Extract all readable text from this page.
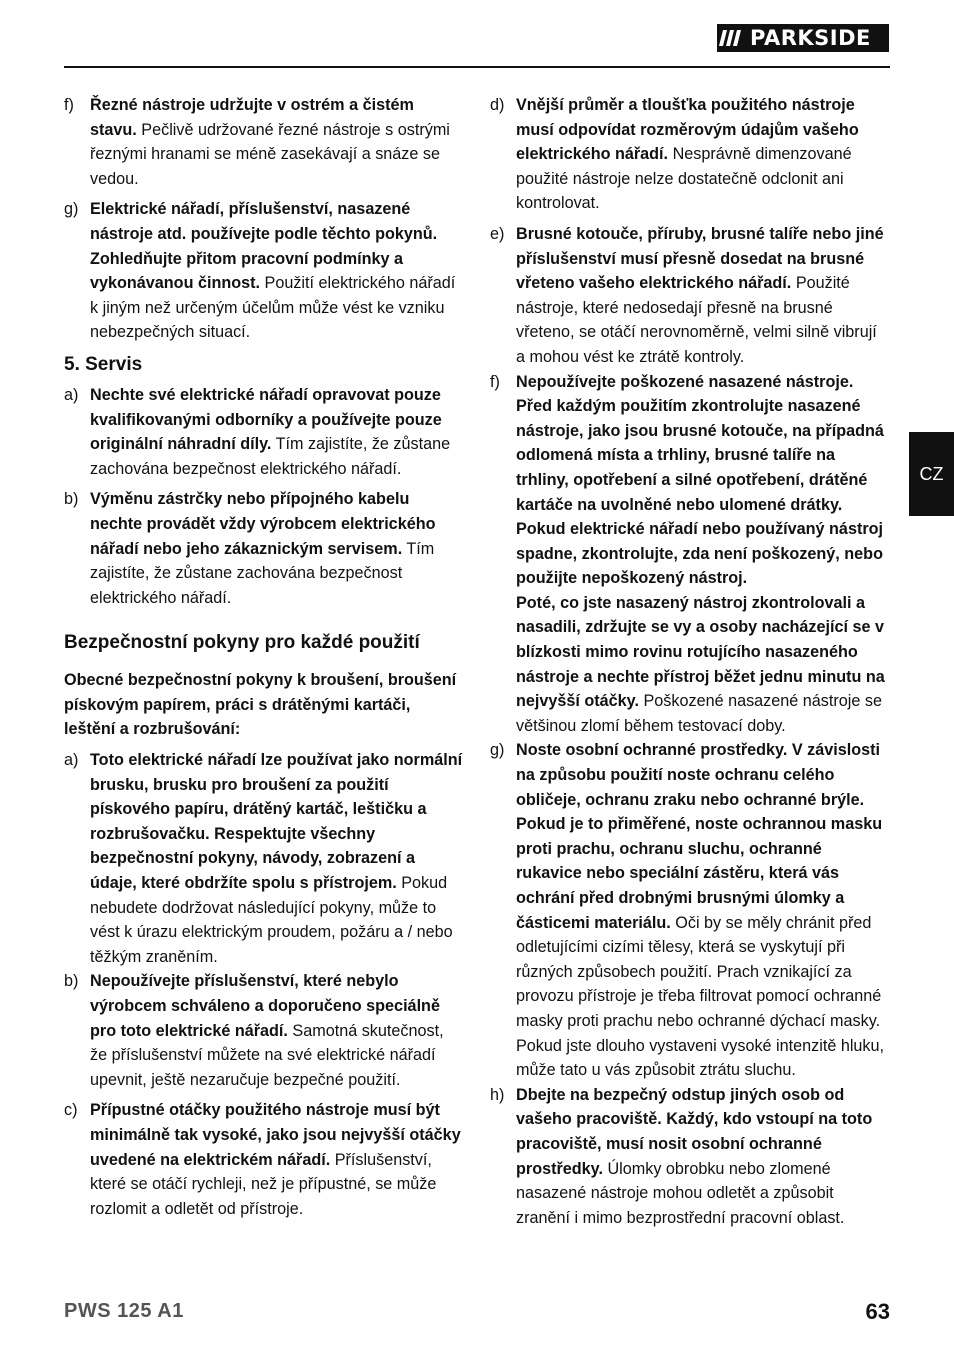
PARKSIDE
CZ
f) Řezné nástroje udržujte v ostrém a čistém stavu. Pečlivě udržované řezné nástroje s ostrými řeznými hranami se méně zasekávají a snáze se vedou.
g) Elektrické nářadí, příslušenství, nasazené nástroje atd. používejte podle těchto pokynů. Zohledňujte přitom pracovní podmínky a vykonávanou činnost. Použití elektrického nářadí k jiným než určeným účelům může vést ke vzniku nebezpečných situací.
5. Servis
a) Nechte své elektrické nářadí opravovat pouze kvalifikovanými odborníky a používejte pouze originální náhradní díly. Tím zajistíte, že zůstane zachována bezpečnost elektrického nářadí.
b) Výměnu zástrčky nebo přípojného kabelu nechte provádět vždy výrobcem elektrického nářadí nebo jeho zákaznickým servisem. Tím zajistíte, že zůstane zachována bezpečnost elektrického nářadí.
Bezpečnostní pokyny pro každé použití
Obecné bezpečnostní pokyny k broušení, broušení pískovým papírem, práci s drátěnými kartáči, leštění a rozbrušování:
a) Toto elektrické nářadí lze používat jako normální brusku, brusku pro broušení za použití pískového papíru, drátěný kartáč, leštičku a rozbrušovačku. Respektujte všechny bezpečnostní pokyny, návody, zobrazení a údaje, které obdržíte spolu s přístrojem. Pokud nebudete dodržovat následující pokyny, může to vést k úrazu elektrickým proudem, požáru a / nebo těžkým zraněním.
b) Nepoužívejte příslušenství, které nebylo výrobcem schváleno a doporučeno speciálně pro toto elektrické nářadí. Samotná skutečnost, že příslušenství můžete na své elektrické nářadí upevnit, ještě nezaručuje bezpečné použití.
c) Přípustné otáčky použitého nástroje musí být minimálně tak vysoké, jako jsou nejvyšší otáčky uvedené na elektrickém nářadí. Příslušenství, které se otáčí rychleji, než je přípustné, se může rozlomit a odletět od přístroje.
d) Vnější průměr a tloušťka použitého nástroje musí odpovídat rozměrovým údajům vašeho elektrického nářadí. Nesprávně dimenzované použité nástroje nelze dostatečně odclonit ani kontrolovat.
e) Brusné kotouče, příruby, brusné talíře nebo jiné příslušenství musí přesně dosedat na brusné vřeteno vašeho elektrického nářadí. Použité nástroje, které nedosedají přesně na brusné vřeteno, se otáčí nerovnoměrně, velmi silně vibrují a mohou vést ke ztrátě kontroly.
f) Nepoužívejte poškozené nasazené nástroje. Před každým použitím zkontrolujte nasazené nástroje, jako jsou brusné kotouče, na případná odlomená místa a trhliny, brusné talíře na trhliny, opotřebení a silné opotřebení, drátěné kartáče na uvolněné nebo ulomené drátky. Pokud elektrické nářadí nebo používaný nástroj spadne, zkontrolujte, zda není poškozený, nebo použijte nepoškozený nástroj.
Poté, co jste nasazený nástroj zkontrolovali a nasadili, zdržujte se vy a osoby nacházející se v blízkosti mimo rovinu rotujícího nasazeného nástroje a nechte přístroj běžet jednu minutu na nejvyšší otáčky. Poškozené nasazené nástroje se většinou zlomí během testovací doby.
g) Noste osobní ochranné prostředky. V závislosti na způsobu použití noste ochranu celého obličeje, ochranu zraku nebo ochranné brýle. Pokud je to přiměřené, noste ochrannou masku proti prachu, ochranu sluchu, ochranné rukavice nebo speciální zástěru, která vás ochrání před drobnými brusnými úlomky a částicemi materiálu. Oči by se měly chránit před odletujícími cizími tělesy, která se vyskytují při různých způsobech použití. Prach vznikající za provozu přístroje je třeba filtrovat pomocí ochranné masky proti prachu nebo ochranné dýchací masky. Pokud jste dlouho vystaveni vysoké intenzitě hluku, může tato u vás způsobit ztrátu sluchu.
h) Dbejte na bezpečný odstup jiných osob od vašeho pracoviště. Každý, kdo vstoupí na toto pracoviště, musí nosit osobní ochranné prostředky. Úlomky obrobku nebo zlomené nasazené nástroje mohou odletět a způsobit zranění i mimo bezprostřední pracovní oblast.
PWS 125 A1	63
